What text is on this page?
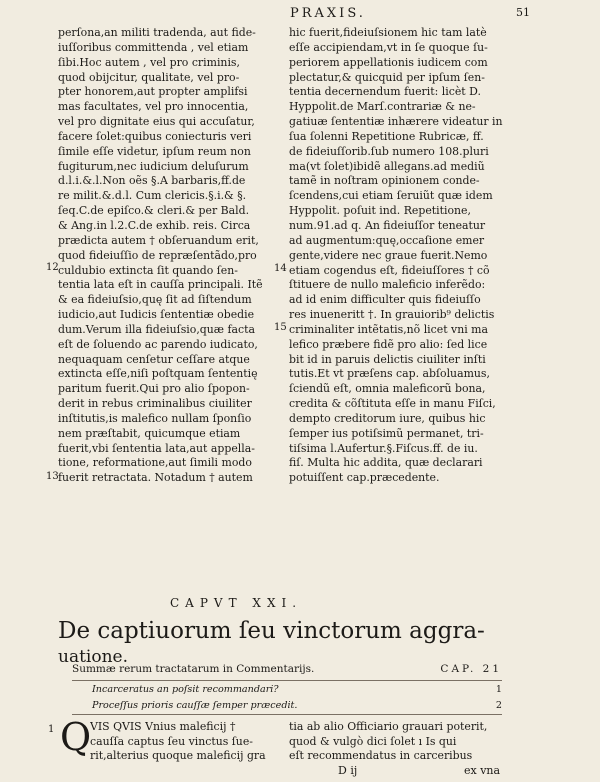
PRAXIS.	51
perſona,an militi tradenda, aut fide-
iuſſoribus committenda , vel etiam
ſibi.Hoc autem , vel pro criminis,
quod obijcitur, qualitate, vel pro-
pter honorem,aut propter amplifsi
mas facultates, vel pro innocentia,
vel pro dignitate eius qui accuſatur,
facere ſolet:quibus coniecturis veri
ſimile eſſe videtur, ipſum reum non
fugiturum,nec iudicium deluſurum
d.l.i.&.l.Non oẽs §.A barbaris,ff.de
re milit.&.d.l. Cum clericis.§.i.& §.
ſeq.C.de epiſco.& cleri.& per Bald.
& Ang.in l.2.C.de exhib. reis. Circa
prædicta autem † obſeruandum erit,
quod fideiuſſio de repræſentãdo,pro
culdubio extincta ſit quando ſen-
tentia lata eſt in cauſſa principali. Itẽ
& ea fideiuſsio,quę ſit ad ſiſtendum
iudicio,aut Iudicis ſententiæ obedie
dum.Verum illa fideiuſsio,quæ facta
eſt de ſoluendo ac parendo iudicato,
nequaquam cenſetur ceſſare atque
extincta eſſe,niſi poſtquam ſententię
paritum fuerit.Qui pro alio ſpopon-
derit in rebus criminalibus ciuiliter
inſtitutis,is malefico nullam ſponſio
nem præſtabit, quicumque etiam
fuerit,vbi ſententia lata,aut appella-
tione, reformatione,aut ſimili modo
fuerit retractata. Notadum † autem
hic fuerit,fideiuſsionem hic tam latè
eſſe accipiendam,vt in ſe quoque ſu-
periorem appellationis iudicem com
plectatur,& quicquid per ipſum ſen-
tentia decernendum fuerit: licèt D.
Hyppolit.de Marſ.contrariæ & ne-
gatiuæ ſententiæ inhærere videatur in
ſua ſolenni Repetitione Rubricæ, ff.
de fideiuſſorib.ſub numero 108.pluri
ma(vt ſolet)ibidẽ allegans.ad mediũ
tamẽ in noſtram opinionem conde-
ſcendens,cui etiam ſeruiũt quæ idem
Hyppolit. poſuit ind. Repetitione,
num.91.ad q. An fideiuſſor teneatur
ad augmentum:quę,occaſione emer
gente,videre nec graue fuerit.Nemo
etiam cogendus eſt, fideiuſſores † cõ
ſtituere de nullo maleficio inferẽdo:
ad id enim difficulter quis fideiuſſo
res inueneritt †. In grauiorib⁹ delictis
criminaliter intẽtatis,nõ licet vni ma
lefico præbere fidẽ pro alio: ſed lice
bit id in paruis delictis ciuiliter inſti
tutis.Et vt præſens cap. abſoluamus,
ſciendũ eſt, omnia maleficorũ bona,
credita & cõſtituta eſſe in manu Fiſci,
dempto creditorum iure, quibus hic
ſemper ius potiſsimũ permanet, tri-
tiſsima l.Aufertur.§.Fiſcus.ff. de iu.
fiſ. Multa hic addita, quæ declarari
potuiſſent cap.præcedente.
12
13
14
15
CAPVT XXI.
De captiuorum ſeu vinctorum aggra-
uatione.
Summæ rerum tractatarum in Commentarijs.	CAP. 21
Incarceratus an poſsit recommandari?	1
Proceſſus prioris cauſſæ ſemper præcedit.	2
1 Q
VIS QVIS Vnius maleficij †
cauſſa captus ſeu vinctus ſue-
rit,alterius quoque maleficij gra
tia ab alio Officiario grauari poterit,
quod & vulgò dici ſolet ı Is qui
eſt recommendatus in carceribus
D ij	ex vna
